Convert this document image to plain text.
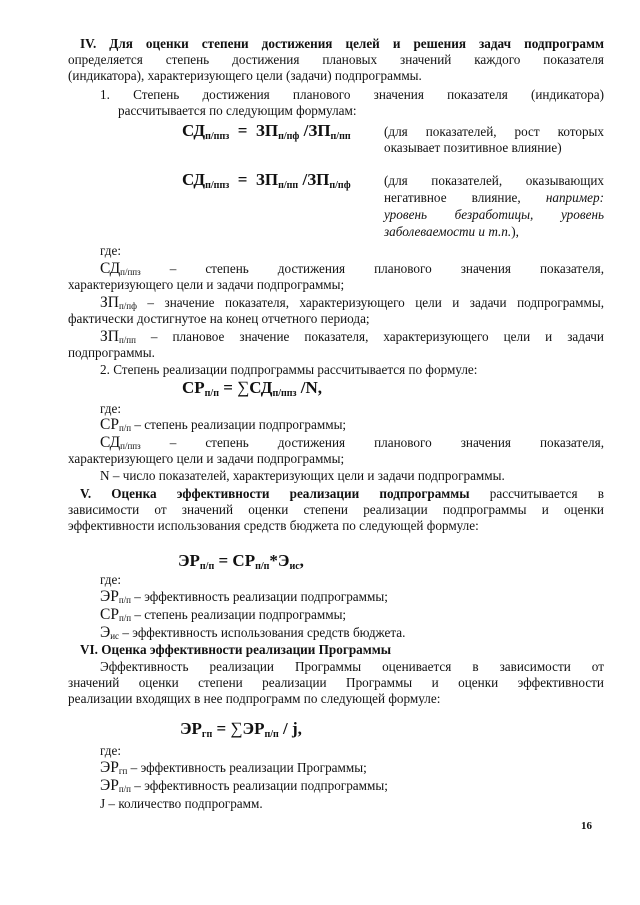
IV. Для оценки степени достижения целей и решения задач подпрограмм
определяется степень достижения плановых значений каждого показателя
(индикатора), характеризующего цели (задачи) подпрограммы.
1. Степень достижения планового значения показателя (индикатора)
рассчитывается по следующим формулам:
$СД_{п/ппз} = ЗП_{п/пф}$ $/ЗП_{п/пп}$	(для показателей, рост которых
оказывает позитивное влияние)
$СД_{п/ппз} = ЗП_{п/пп}$ $/ЗП_{п/пф}$	(для показателей, оказывающих
негативное влияние, например:
уровень безработицы, уровень
заболеваемости и т.п.),
где:
$СД_{п/ппз}$ – степень достижения планового значения показателя,
характеризующего цели и задачи подпрограммы;
$ЗП_{п/пф}$ – значение показателя, характеризующего цели и задачи подпрограммы,
фактически достигнутое на конец отчетного периода;
$ЗП_{п/пп}$ – плановое значение показателя, характеризующего цели и задачи
подпрограммы.
2. Степень реализации подпрограммы рассчитывается по формуле:
$СР_{п/п} = \sum СД_{п/ппз}$ /N,
где:
$СР_{п/п}$ – степень реализации подпрограммы;
$СД_{п/ппз}$ – степень достижения планового значения показателя,
характеризующего цели и задачи подпрограммы;
N – число показателей, характеризующих цели и задачи подпрограммы.
V. Оценка эффективности реализации подпрограммы рассчитывается в
зависимости от значений оценки степени реализации подпрограммы и оценки
эффективности использования средств бюджета по следующей формуле:
$ЭР_{п/п} = СР_{п/п}*Э_{ис}$,
где:
$ЭР_{п/п}$ – эффективность реализации подпрограммы;
$СР_{п/п}$ – степень реализации подпрограммы;
$Э_{ис}$ – эффективность использования средств бюджета.
VI. Оценка эффективности реализации Программы
Эффективность реализации Программы оценивается в зависимости от
значений оценки степени реализации Программы и оценки эффективности
реализации входящих в нее подпрограмм по следующей формуле:
$ЭР_{гп} = \sum ЭР_{п/п} / j$,
где:
$ЭР_{гп}$ – эффективность реализации Программы;
$ЭР_{п/п}$ – эффективность реализации подпрограммы;
J – количество подпрограмм.
16
